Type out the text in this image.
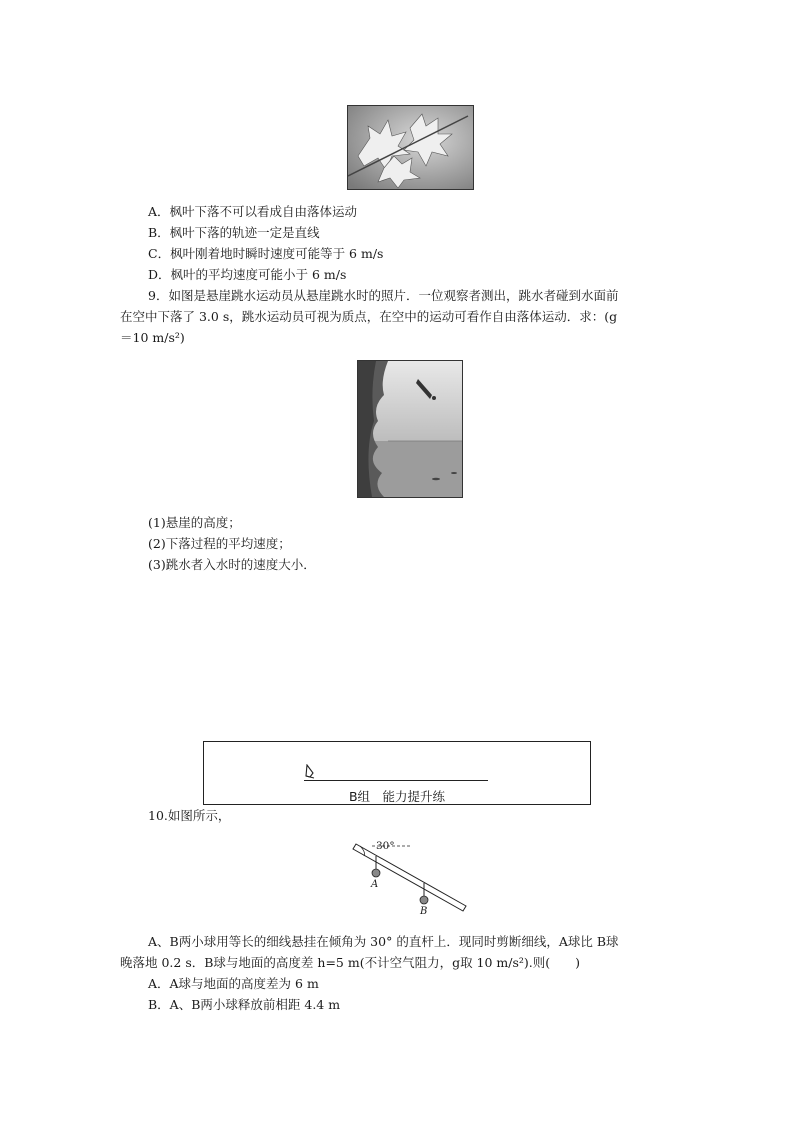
A．枫叶下落不可以看成自由落体运动
B．枫叶下落的轨迹一定是直线
C．枫叶刚着地时瞬时速度可能等于 6 m/s
D．枫叶的平均速度可能小于 6 m/s
9．如图是悬崖跳水运动员从悬崖跳水时的照片．一位观察者测出，跳水者碰到水面前
在空中下落了 3.0 s，跳水运动员可视为质点，在空中的运动可看作自由落体运动．求：(g
＝10 m/s²)
(1)悬崖的高度；
(2)下落过程的平均速度；
(3)跳水者入水时的速度大小．
B组　能力提升练
10.如图所示，
30°
A
B
A、B两小球用等长的细线悬挂在倾角为 30° 的直杆上．现同时剪断细线，A球比 B球
晚落地 0.2 s．B球与地面的高度差 h=5 m(不计空气阻力，g取 10 m/s²).则(　　)
A．A球与地面的高度差为 6 m
B．A、B两小球释放前相距 4.4 m
